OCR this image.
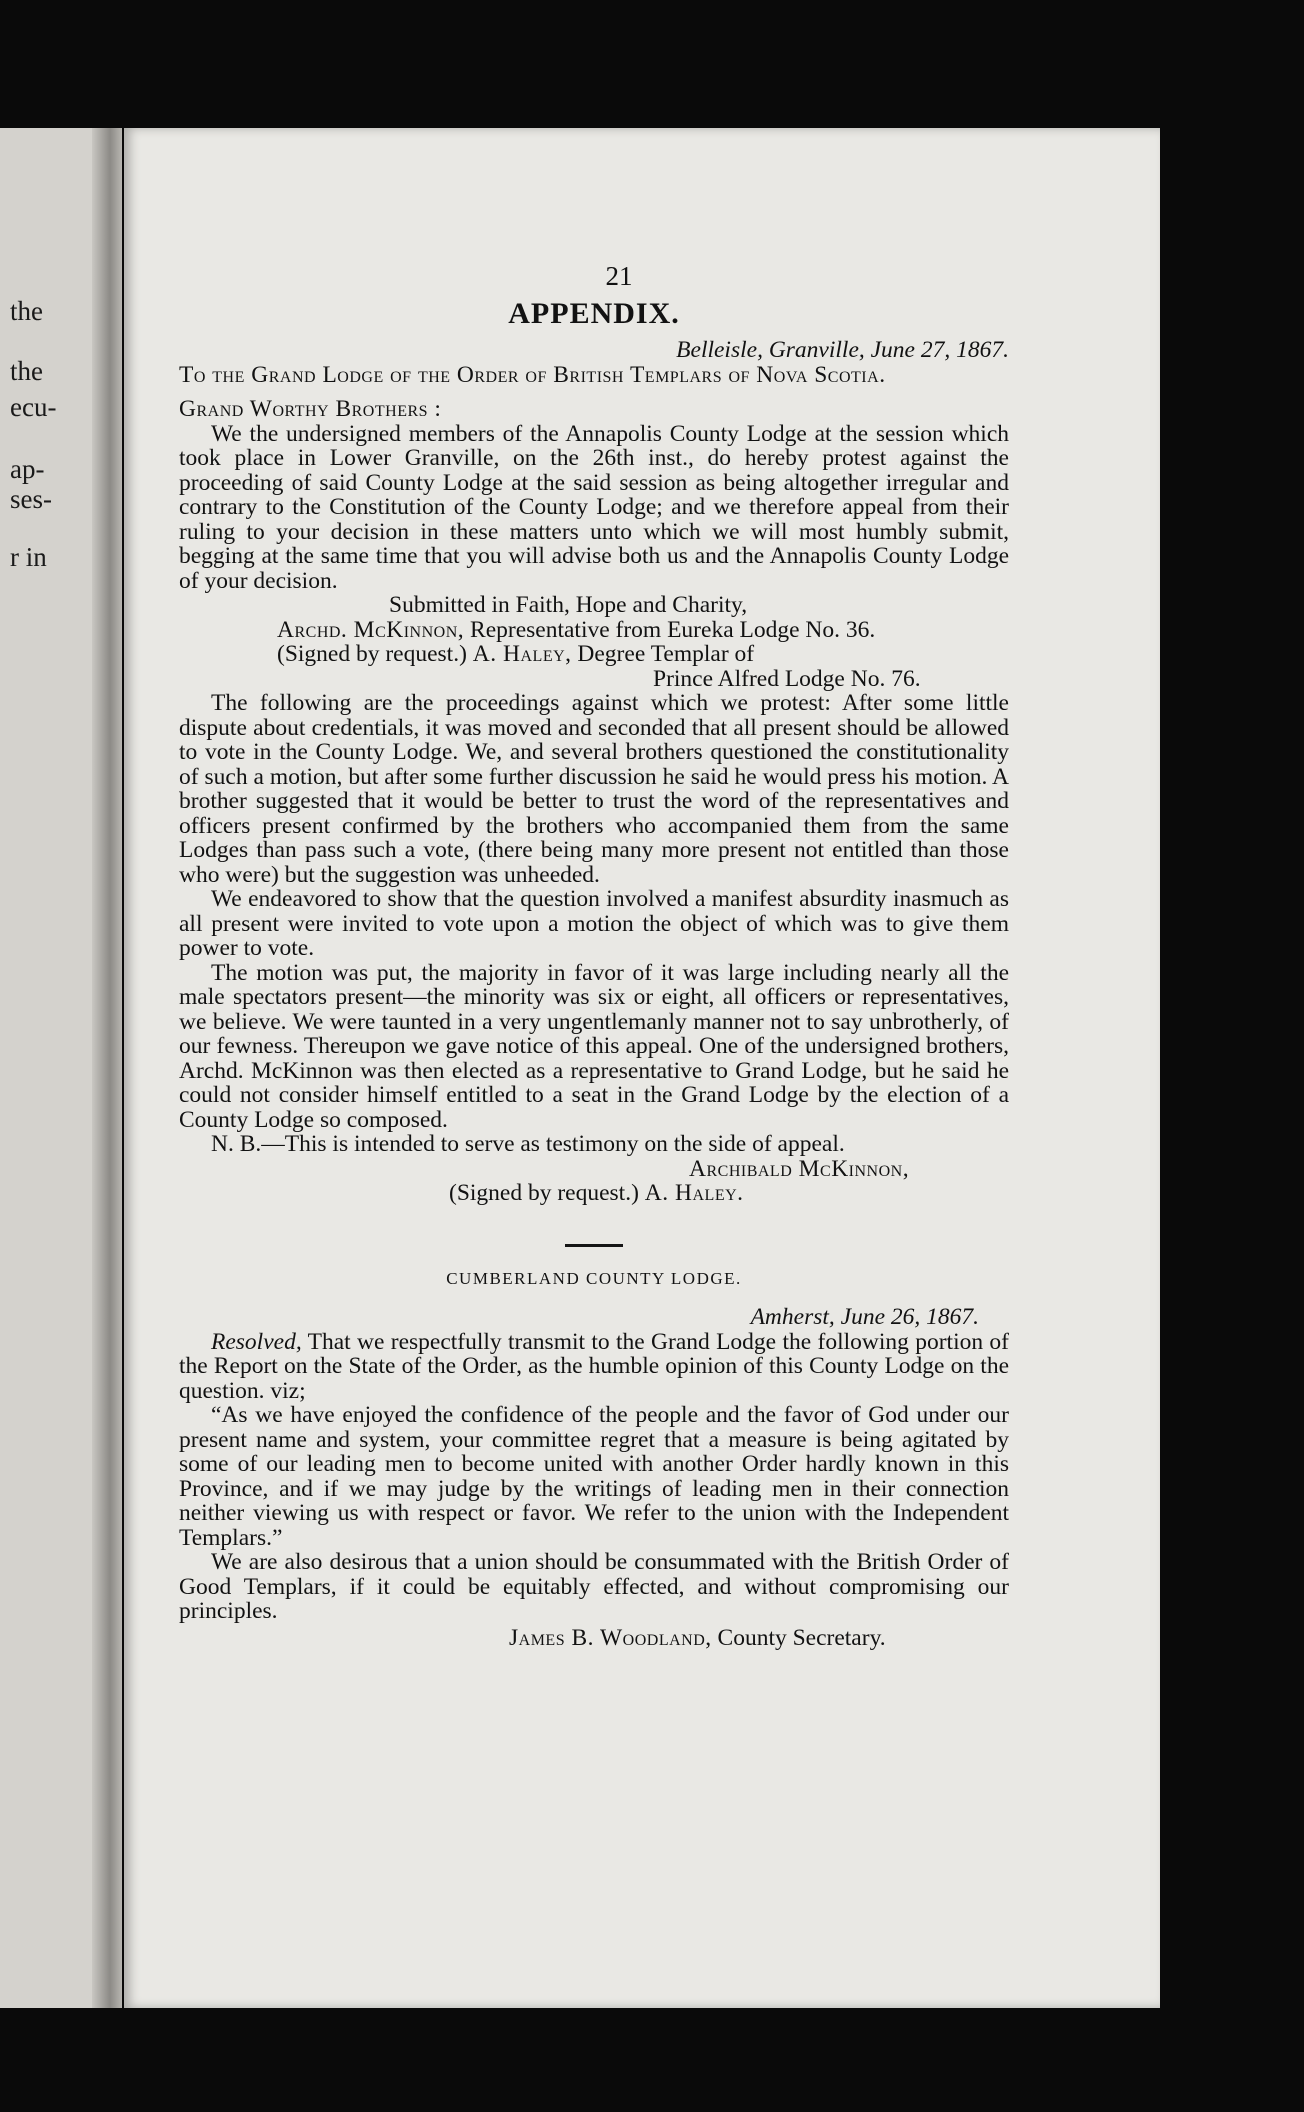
the
the
ecu-
ap-
ses-
r in
21
APPENDIX.
Belleisle, Granville, June 27, 1867.

To the Grand Lodge of the Order of British Templars of Nova Scotia.

Grand Worthy Brothers :

We the undersigned members of the Annapolis County Lodge at the session which took place in Lower Granville, on the 26th inst., do hereby protest against the proceeding of said County Lodge at the said session as being altogether irregular and contrary to the Constitution of the County Lodge; and we therefore appeal from their ruling to your decision in these matters unto which we will most humbly submit, begging at the same time that you will advise both us and the Annapolis County Lodge of your decision.

Submitted in Faith, Hope and Charity,
Archd. McKinnon, Representative from Eureka Lodge No. 36.
(Signed by request.) A. Haley, Degree Templar of
Prince Alfred Lodge No. 76.

The following are the proceedings against which we protest: After some little dispute about credentials, it was moved and seconded that all present should be allowed to vote in the County Lodge. We, and several brothers questioned the constitutionality of such a motion, but after some further discussion he said he would press his motion. A brother suggested that it would be better to trust the word of the representatives and officers present confirmed by the brothers who accompanied them from the same Lodges than pass such a vote, (there being many more present not entitled than those who were) but the suggestion was unheeded.

We endeavored to show that the question involved a manifest absurdity inasmuch as all present were invited to vote upon a motion the object of which was to give them power to vote.

The motion was put, the majority in favor of it was large including nearly all the male spectators present—the minority was six or eight, all officers or representatives, we believe. We were taunted in a very ungentlemanly manner not to say unbrotherly, of our fewness. Thereupon we gave notice of this appeal. One of the undersigned brothers, Archd. McKinnon was then elected as a representative to Grand Lodge, but he said he could not consider himself entitled to a seat in the Grand Lodge by the election of a County Lodge so composed.

N. B.—This is intended to serve as testimony on the side of appeal.

Archibald McKinnon,
(Signed by request.) A. Haley.
CUMBERLAND COUNTY LODGE.
Amherst, June 26, 1867.

Resolved, That we respectfully transmit to the Grand Lodge the following portion of the Report on the State of the Order, as the humble opinion of this County Lodge on the question. viz;

“As we have enjoyed the confidence of the people and the favor of God under our present name and system, your committee regret that a measure is being agitated by some of our leading men to become united with another Order hardly known in this Province, and if we may judge by the writings of leading men in their connection neither viewing us with respect or favor. We refer to the union with the Independent Templars.”

We are also desirous that a union should be consummated with the British Order of Good Templars, if it could be equitably effected, and without compromising our principles.

James B. Woodland, County Secretary.
